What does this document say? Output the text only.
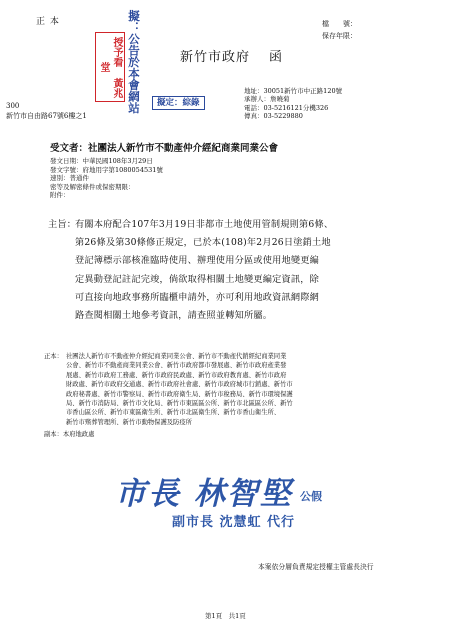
正 本	檔　　號：
保存年限：
授予看 黃兆堂	擬：公告於本會網站	新竹市政府 函
擬定：綜錄
300
新竹市自由路67號6樓之1
地址：30051新竹市中正路120號
承辦人：詹曉菊
電話：03-5216121分機326
傳真：03-5229880
受文者：社團法人新竹市不動產仲介經紀商業同業公會
發文日期：中華民國108年3月29日
發文字號：府地用字第1080054531號
速別：普通件
密等及解密條件或保密期限：
附件：
主旨：

有關本府配合107年3月19日非都市土地使用管制規則第6條、

第26條及第30條修正規定，已於本(108)年2月26日塗銷土地

登記簿標示部核准臨時使用、辦理使用分區或使用地變更編

定異動登記註記完竣，倘欲取得相關土地變更編定資訊，除

可直接向地政事務所臨櫃申請外，亦可利用地政資訊網際網

路查閱相關土地參考資訊，請查照並轉知所屬。

正本： 社團法人新竹市不動產仲介經紀商業同業公會、新竹市不動產代銷經紀商業同業

公會、新竹市不動產商業同業公會、新竹市政府都市發展處、新竹市政府產業發

展處、新竹市政府工務處、新竹市政府民政處、新竹市政府教育處、新竹市政府

財政處、新竹市政府交通處、新竹市政府社會處、新竹市政府城市行銷處、新竹市

政府秘書處、新竹市警察局、新竹市政府衛生局、新竹市稅務局、新竹市環境保護

局、新竹市消防局、新竹市文化局、新竹市東區區公所、新竹市北區區公所、新竹

市香山區公所、新竹市東區衛生所、新竹市北區衛生所、新竹市香山衛生所、

新竹市殯葬管理所、新竹市動物保護及防疫所

副本：本府地政處
市長 林智堅 公假
副市長 沈慧虹 代行
本案依分層負責規定授權主管處長決行
第1頁　共1頁
